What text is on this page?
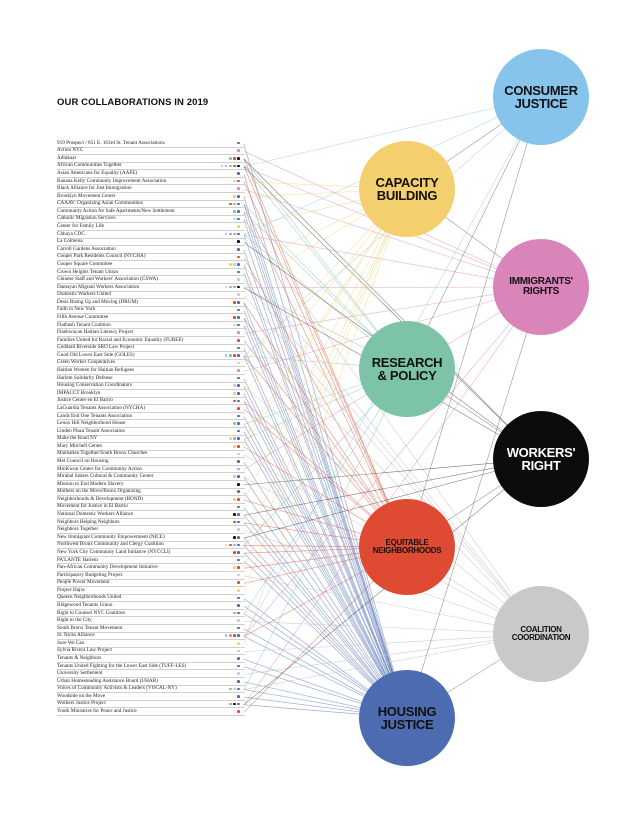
OUR COLLABORATIONS IN 2019
919 Prospect / 851 E. 163rd St. Tenant Associations
Action NYC
Adhikaar
African Communities Together
Asian Americans for Equality (AAFE)
Banana Kelly Community Improvement Association
Black Alliance for Just Immigration
Brooklyn Movement Center
CAAAV: Organizing Asian Communities
Community Action for Safe Apartments/New Settlement
Catholic Migration Services
Center for Family Life
Chhaya CDC
La Colmena
Carroll Gardens Association
Cooper Park Residents Council (NYCHA)
Cooper Square Committee
Crown Heights Tenant Union
Chinese Staff and Workers' Association (CSWA)
Damayan Migrant Workers Association
Domestic Workers United
Desis Rising Up and Moving (DRUM)
Faith in New York
Fifth Avenue Committee
Flatbush Tenant Coalition
Flanbwayan Haitian Literacy Project
Families United for Racial and Economic Equality (FUREE)
Goddard Riverside SRO Law Project
Good Old Lower East Side (GOLES)
Green Worker Cooperatives
Haitian Women for Haitian Refugees
Harlem Solidarity Defense
Housing Conservation Coordinators
IMPACCT Brooklyn
Justice Center en El Barrio
LaGuardia Tenants Association (NYCHA)
Lands End One Tenants Association
Lenox Hill Neighborhood House
Linden Plaza Tenant Association
Make the Road NY
Mary Mitchell Center
Manhattan Together/South Bronx Churches
Met Council on Housing
MinKwon Center for Community Action
Mirabal Sisters Cultural & Community Center
Mission to End Modern Slavery
Mothers on the Move/Bronx Organizing
Neighborhoods & Development (BOND)
Movement for Justice in El Barrio
National Domestic Workers Alliance
Neighbors Helping Neighbors
Neighbors Together
New Immigrant Community Empowerment (NICE)
Northwest Bronx Community and Clergy Coalition
New York City Community Land Initiative (NYCCLI)
PA'LANTE Harlem
Pan-African Community Development Initiative
Participatory Budgeting Project
People Power Movement
Project Hajra
Queens Neighborhoods United
Ridgewood Tenants Union
Right to Counsel NYC Coalition
Right to the City
South Bronx Tenant Movement
St. Nicks Alliance
Sure We Can
Sylvia Rivera Law Project
Tenants & Neighbors
Tenants United Fighting for the Lower East Side (TUFF-LES)
University Settlement
Urban Homesteading Assistance Board (UHAB)
Voices of Community Activists & Leaders (VOCAL-NY)
Woodside on the Move
Workers Justice Project
Youth Ministries for Peace and Justice
CONSUMER
JUSTICE
CAPACITY
BUILDING
IMMIGRANTS'
RIGHTS
RESEARCH
& POLICY
WORKERS'
RIGHT
EQUITABLE
NEIGHBORHOODS
COALITION
COORDINATION
HOUSING
JUSTICE
